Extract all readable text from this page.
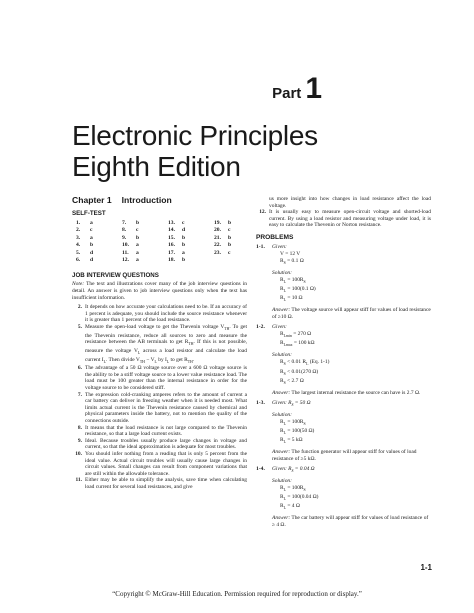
Part 1
Electronic Principles
Eighth Edition
Chapter 1 Introduction
SELF-TEST
1. a	7. b	13. c	19. b
2. c	8. c	14. d	20. c
3. a	9. b	15. b	21. b
4. b	10. a	16. b	22. b
5. d	11. a	17. a	23. c
6. d	12. a	18. b
JOB INTERVIEW QUESTIONS
Note: The text and illustrations cover many of the job interview questions in detail. An answer is given to job interview questions only when the text has insufficient information.
2. It depends on how accurate your calculations need to be. If an accuracy of 1 percent is adequate, you should include the source resistance whenever it is greater than 1 percent of the load resistance.
5. Measure the open-load voltage to get the Thevenin voltage $V_{TH}$. To get the Thevenin resistance, reduce all sources to zero and measure the resistance between the AB terminals to get $R_{TH}$. If this is not possible, measure the voltage $V_L$ across a load resistor and calculate the load current $I_L$. Then divide $V_{TH} - V_L$ by $I_L$ to get $R_{TH}$.
6. The advantage of a 50 Ω voltage source over a 600 Ω voltage source is the ability to be a stiff voltage source to a lower value resistance load. The load must be 100 greater than the internal resistance in order for the voltage source to be considered stiff.
7. The expression cold-cranking amperes refers to the amount of current a car battery can deliver in freezing weather when it is needed most. What limits actual current is the Thevenin resistance caused by chemical and physical parameters inside the battery, not to mention the quality of the connections outside.
8. It means that the load resistance is not large compared to the Thevenin resistance, so that a large load current exists.
9. Ideal. Because troubles usually produce large changes in voltage and current, so that the ideal approximation is adequate for most troubles.
10. You should infer nothing from a reading that is only 5 percent from the ideal value. Actual circuit troubles will usually cause large changes in circuit values. Small changes can result from component variations that are still within the allowable tolerance.
11. Either may be able to simplify the analysis, save time when calculating load current for several load resistances, and give
us more insight into how changes in load resistance affect the load voltage.
12. It is usually easy to measure open-circuit voltage and shorted-load current. By using a load resistor and measuring voltage under load, it is easy to calculate the Thevenin or Norton resistance.
PROBLEMS
1-1.	Given:
V = 12 V
$R_S = 0.1$ Ω
Solution:
$R_L = 100R_S$
$R_L = 100(0.1$ Ω)
$R_L = 10$ Ω
Answer: The voltage source will appear stiff for values of load resistance of ≥10 Ω.
1-2.	Given:
$R_{Lmin} = 270$ Ω
$R_{Lmax} = 100$ kΩ
Solution:
$R_S < 0.01$ $R_L$ (Eq. 1-1)
$R_S < 0.01(270$ Ω)
$R_S < 2.7$ Ω
Answer: The largest internal resistance the source can have is 2.7 Ω.
1-3.	Given: $R_S = 50$ Ω
Solution:
$R_L = 100R_S$
$R_L = 100(50$ Ω)
$R_L = 5$ kΩ
Answer: The function generator will appear stiff for values of load resistance of ≥5 kΩ.
1-4.	Given: $R_S = 0.04$ Ω
Solution:
$R_L = 100R_S$
$R_L = 100(0.04$ Ω)
$R_L = 4$ Ω
Answer: The car battery will appear stiff for values of load resistance of ≥ 4 Ω.
1-1
“Copyright © McGraw-Hill Education. Permission required for reproduction or display.”
